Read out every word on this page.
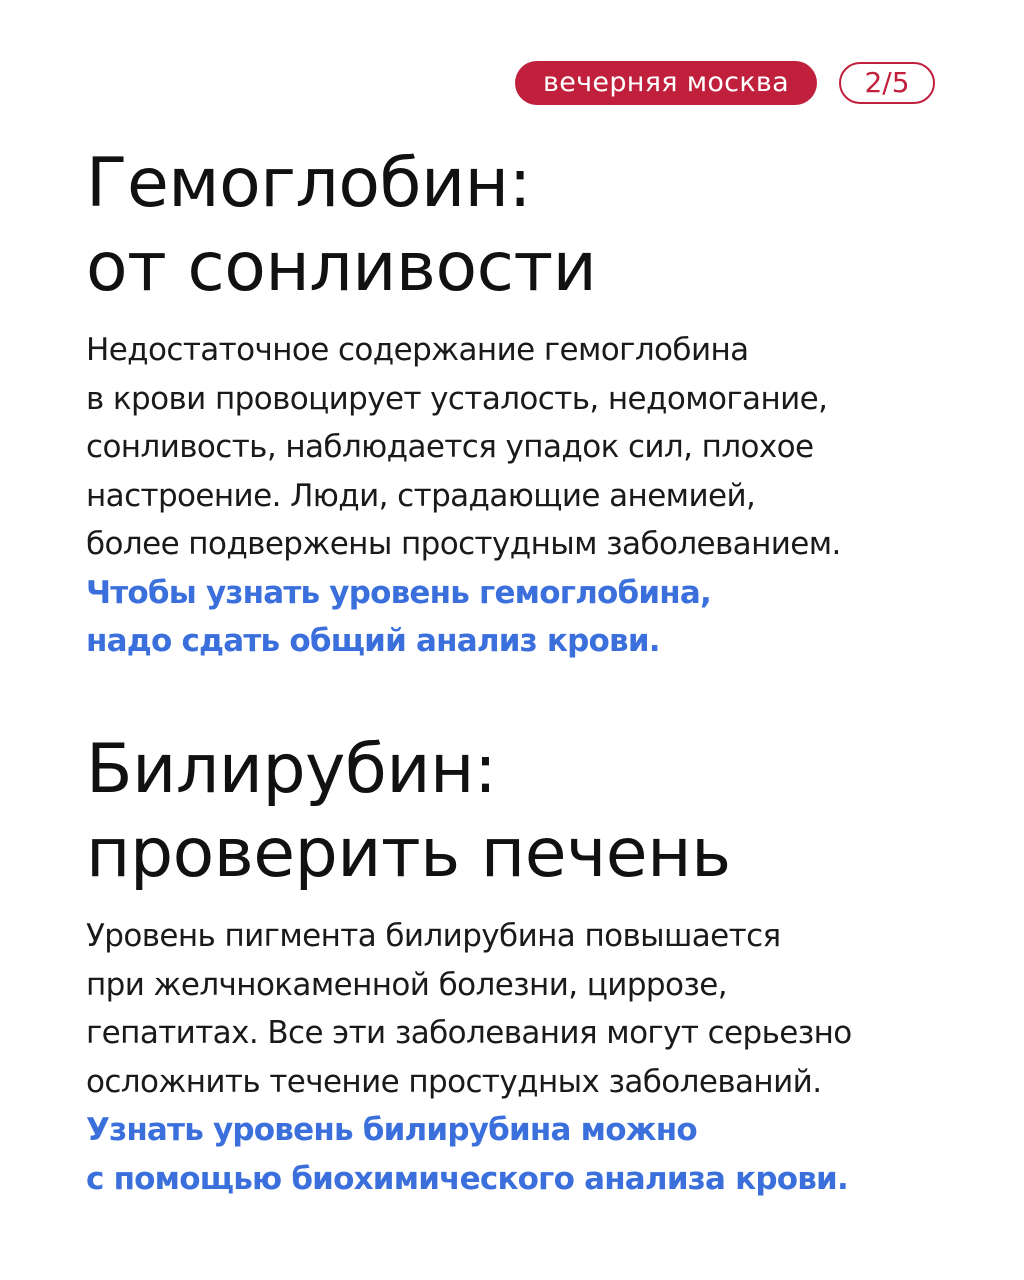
вечерняя москва	2/5
Гемоглобин:
от сонливости

Недостаточное содержание гемоглобина
в крови провоцирует усталость, недомогание,
сонливость, наблюдается упадок сил, плохое
настроение. Люди, страдающие анемией,
более подвержены простудным заболеванием.

Чтобы узнать уровень гемоглобина,
надо сдать общий анализ крови.

Билирубин:
проверить печень

Уровень пигмента билирубина повышается
при желчнокаменной болезни, циррозе,
гепатитах. Все эти заболевания могут серьезно
осложнить течение простудных заболеваний.

Узнать уровень билирубина можно
с помощью биохимического анализа крови.
